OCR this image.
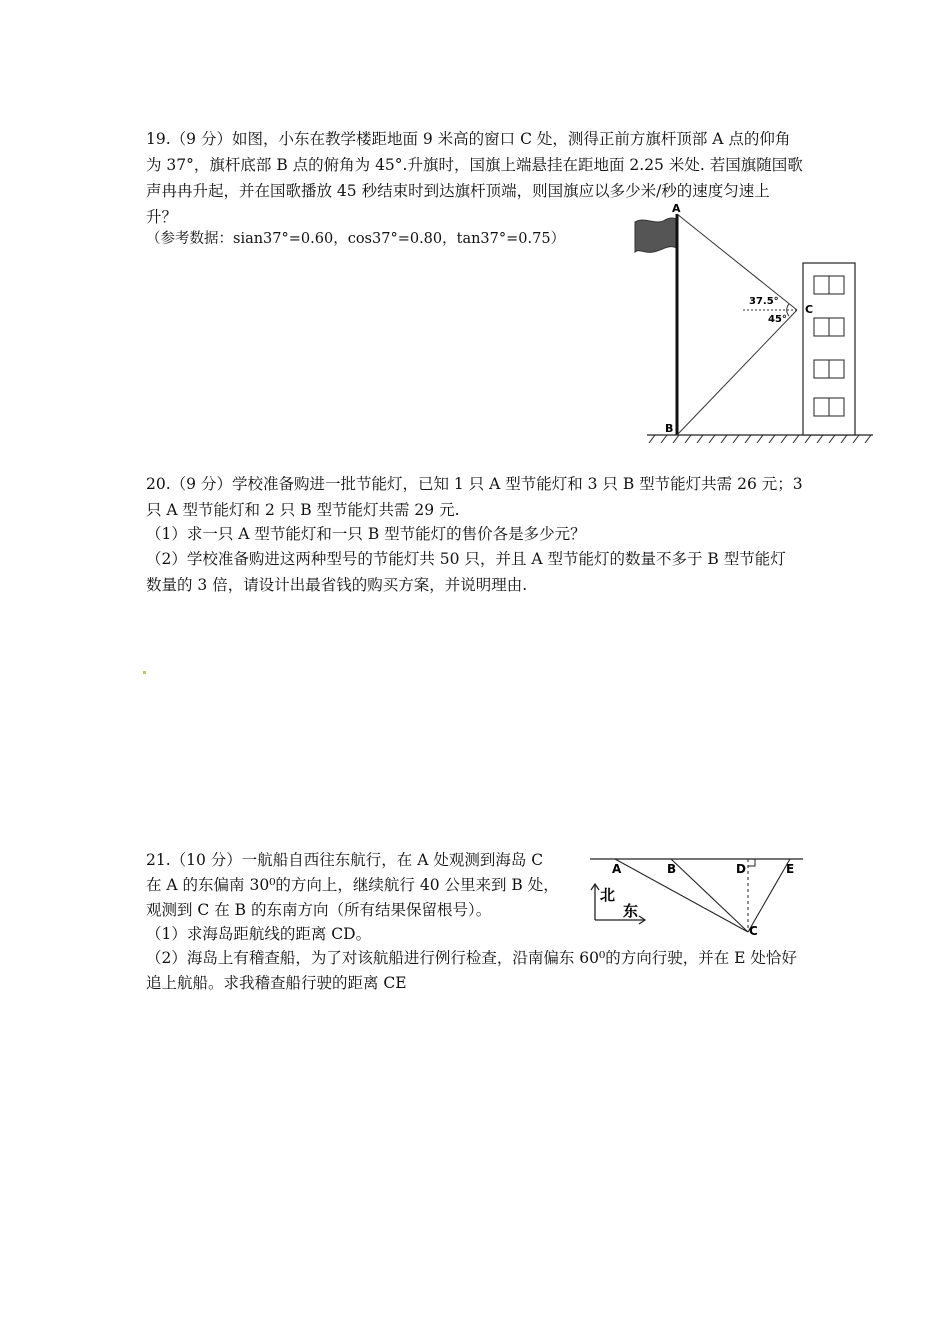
19.（9 分）如图，小东在教学楼距地面 9 米高的窗口 C 处，测得正前方旗杆顶部 A 点的仰角
为 37°，旗杆底部 B 点的俯角为 45°.升旗时，国旗上端悬挂在距地面 2.25 米处. 若国旗随国歌
声冉冉升起，并在国歌播放 45 秒结束时到达旗杆顶端，则国旗应以多少米/秒的速度匀速上
升？
（参考数据：sian37°=0.60，cos37°=0.80，tan37°=0.75）
37.5°
45°
A
B
C
20.（9 分）学校准备购进一批节能灯，已知 1 只 A 型节能灯和 3 只 B 型节能灯共需 26 元；3
只 A 型节能灯和 2 只 B 型节能灯共需 29 元.
（1）求一只 A 型节能灯和一只 B 型节能灯的售价各是多少元？
（2）学校准备购进这两种型号的节能灯共 50 只，并且 A 型节能灯的数量不多于 B 型节能灯
数量的 3 倍，请设计出最省钱的购买方案，并说明理由.
21.（10 分）一航船自西往东航行，在 A 处观测到海岛 C
在 A 的东偏南 30⁰的方向上，继续航行 40 公里来到 B 处，
观测到 C 在 B 的东南方向（所有结果保留根号）。
（1）求海岛距航线的距离 CD。
（2）海岛上有稽查船，为了对该航船进行例行检查，沿南偏东 60⁰的方向行驶，并在 E 处恰好
追上航船。求我稽查船行驶的距离 CE
A	B	D	E
C
北
东
